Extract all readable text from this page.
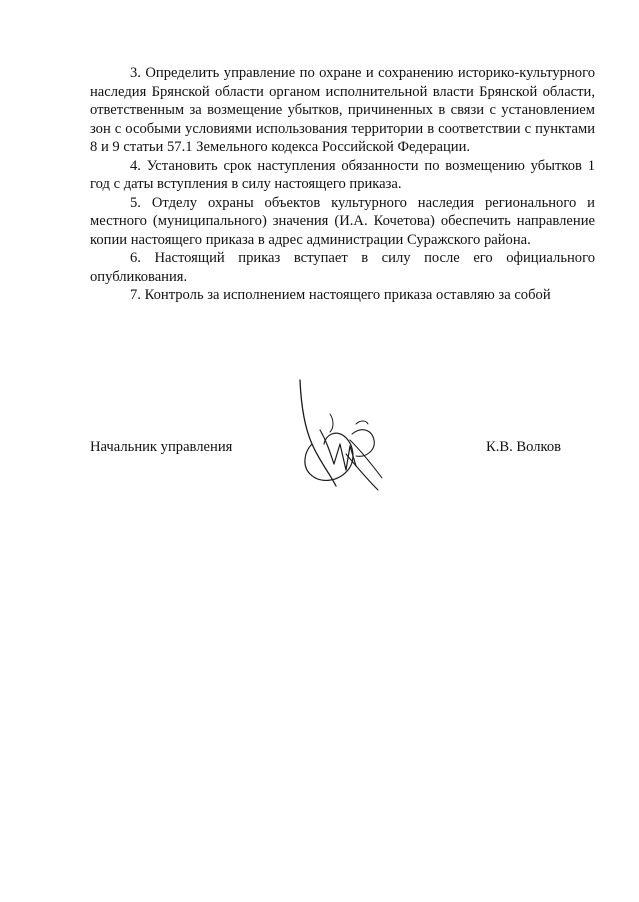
3. Определить управление по охране и сохранению историко-культурного наследия Брянской области органом исполнительной власти Брянской области, ответственным за возмещение убытков, причиненных в связи с установлением зон с особыми условиями использования территории в соответствии с пунктами 8 и 9 статьи 57.1 Земельного кодекса Российской Федерации.

4. Установить срок наступления обязанности по возмещению убытков 1 год с даты вступления в силу настоящего приказа.

5. Отделу охраны объектов культурного наследия регионального и местного (муниципального) значения (И.А. Кочетова) обеспечить направление копии настоящего приказа в адрес администрации Суражского района.

6. Настоящий приказ вступает в силу после его официального опубликования.

7. Контроль за исполнением настоящего приказа оставляю за собой

Начальник управления	К.В. Волков
